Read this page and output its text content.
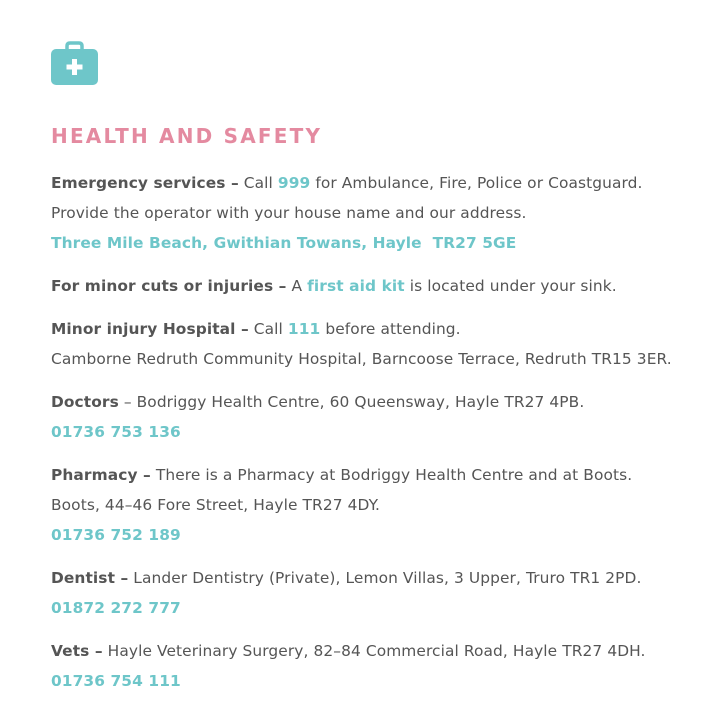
HEALTH AND SAFETY
Emergency services – Call 999 for Ambulance, Fire, Police or Coastguard.
Provide the operator with your house name and our address.
Three Mile Beach, Gwithian Towans, Hayle  TR27 5GE
For minor cuts or injuries – A first aid kit is located under your sink.
Minor injury Hospital – Call 111 before attending.
Camborne Redruth Community Hospital, Barncoose Terrace, Redruth TR15 3ER.
Doctors – Bodriggy Health Centre, 60 Queensway, Hayle TR27 4PB.
01736 753 136
Pharmacy – There is a Pharmacy at Bodriggy Health Centre and at Boots.
Boots, 44–46 Fore Street, Hayle TR27 4DY.
01736 752 189
Dentist – Lander Dentistry (Private), Lemon Villas, 3 Upper, Truro TR1 2PD.
01872 272 777
Vets – Hayle Veterinary Surgery, 82–84 Commercial Road, Hayle TR27 4DH.
01736 754 111
